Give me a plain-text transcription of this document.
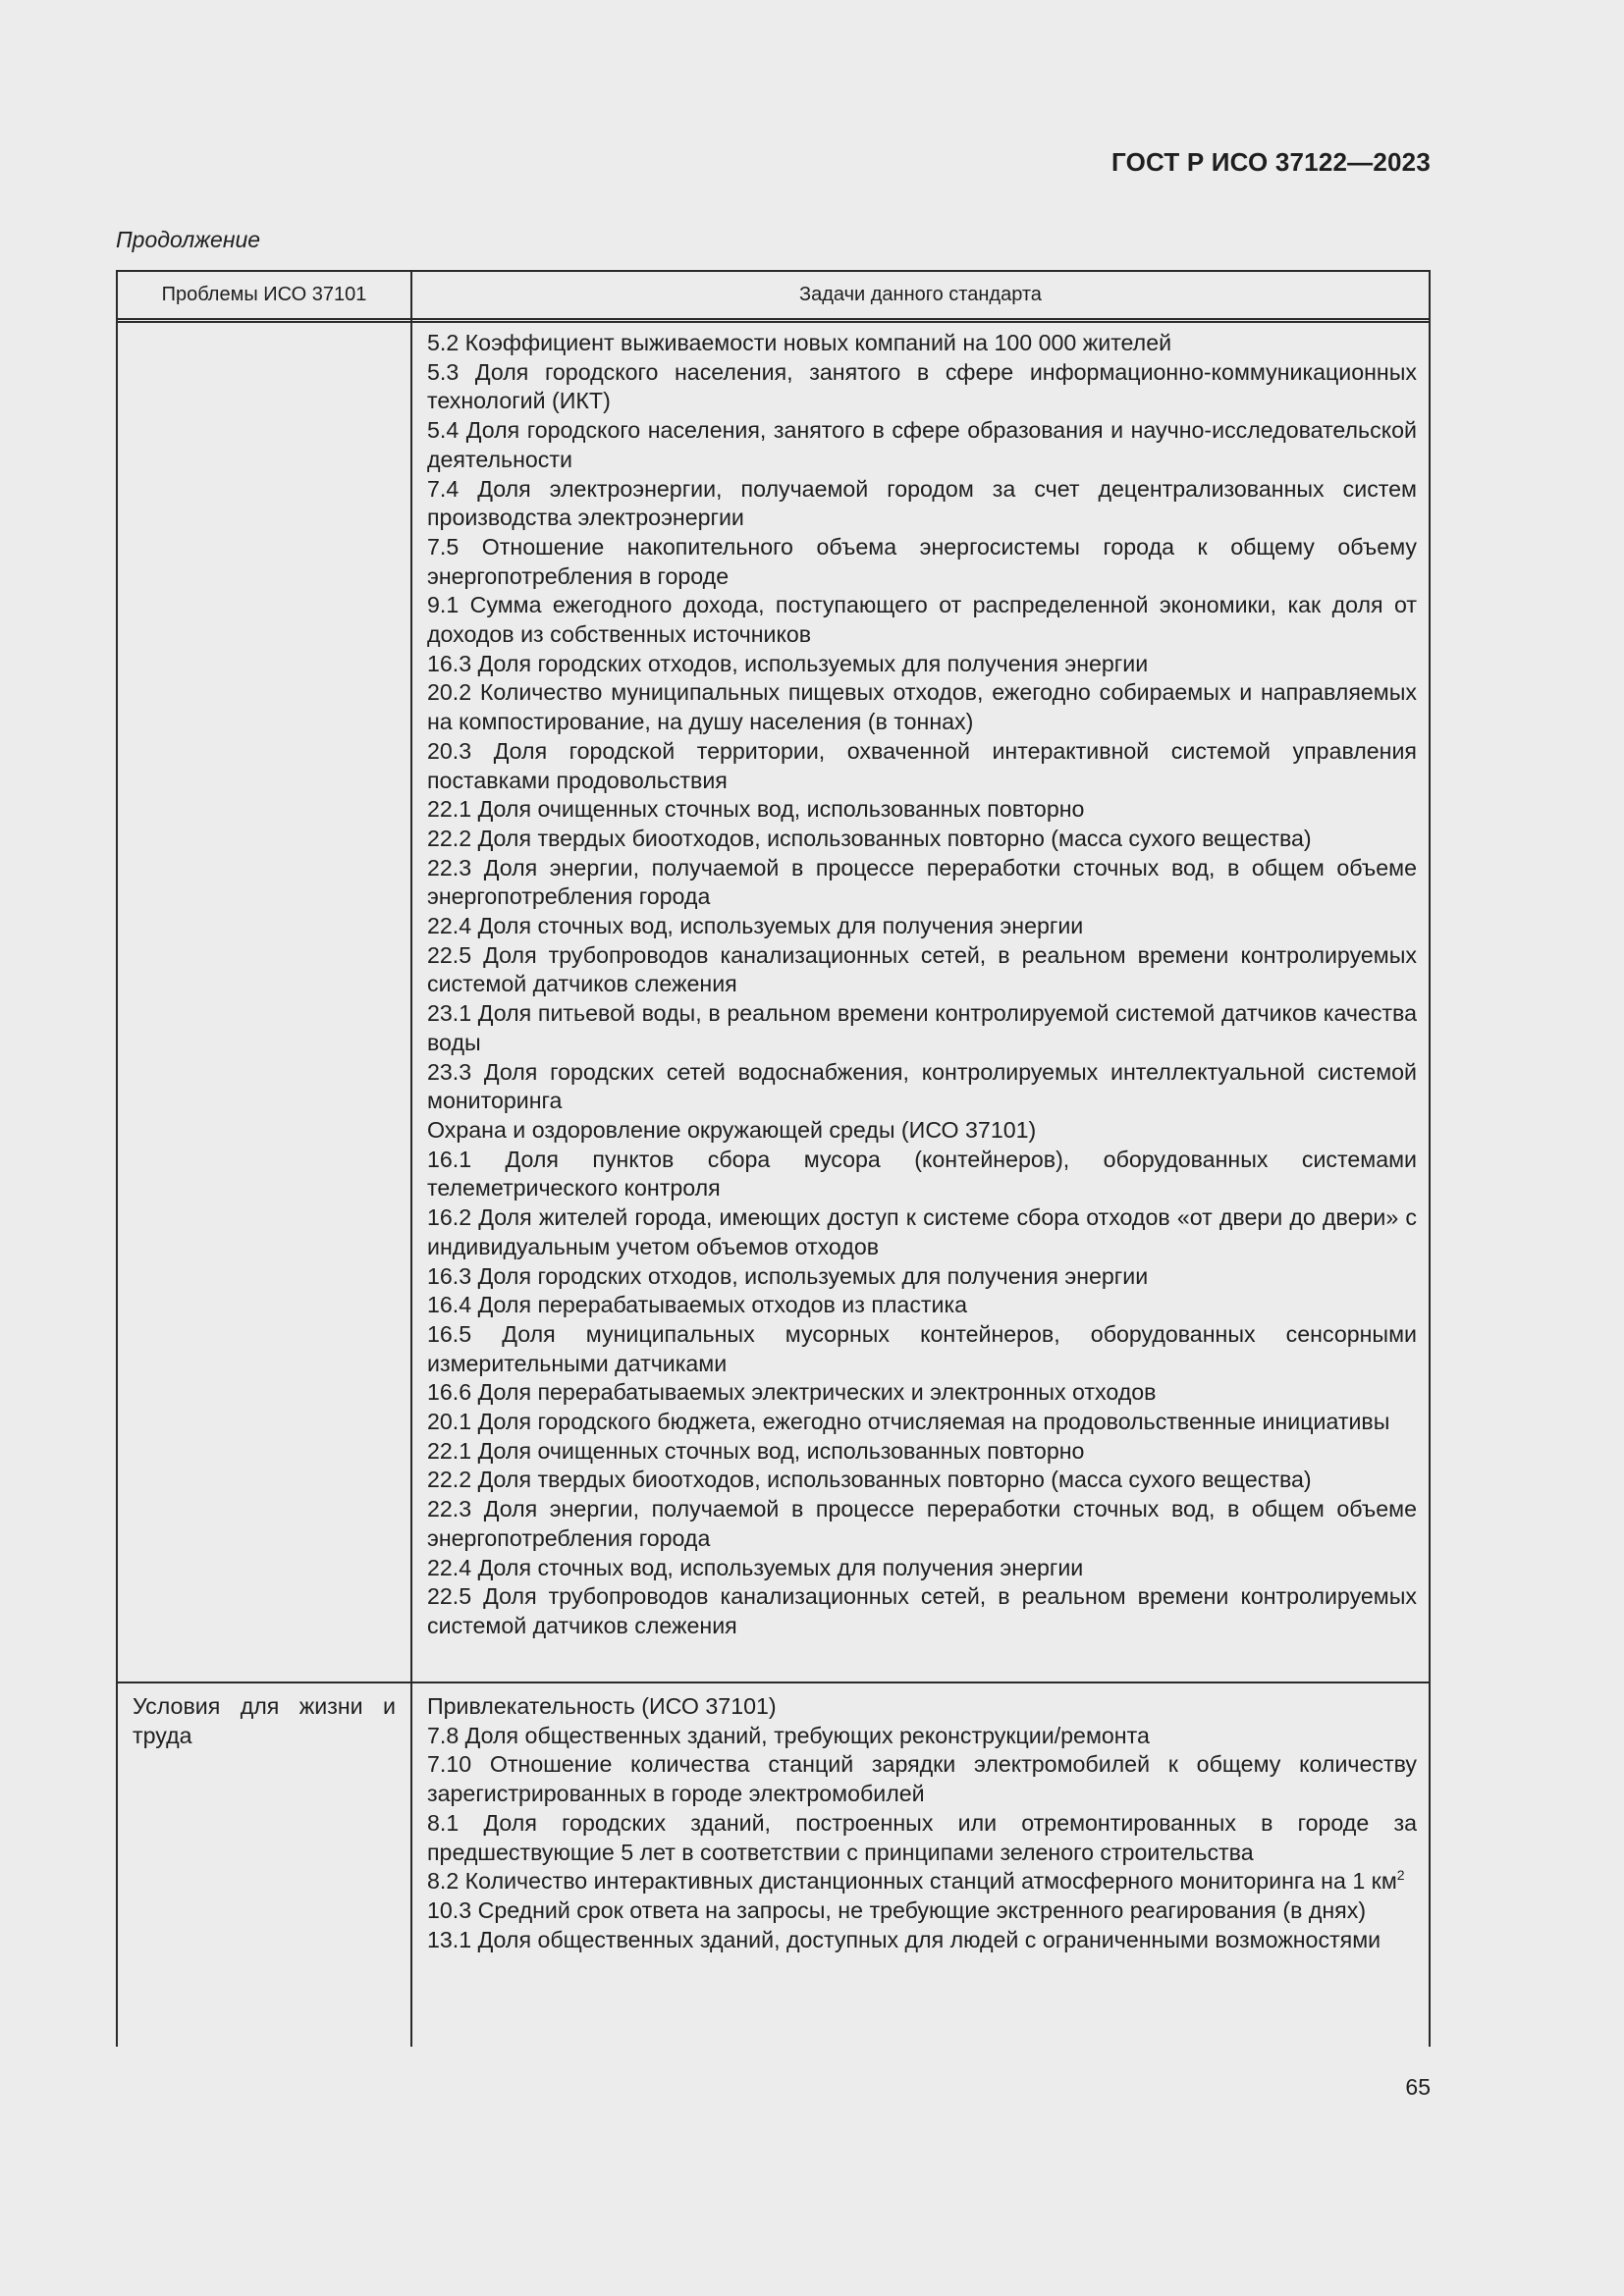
ГОСТ Р ИСО 37122—2023
Продолжение
Проблемы ИСО 37101	Задачи данного стандарта
5.2 Коэффициент выживаемости новых компаний на 100 000 жителей
5.3 Доля городского населения, занятого в сфере информационно-коммуникационных технологий (ИКТ)
5.4 Доля городского населения, занятого в сфере образования и научно-исследовательской деятельности
7.4 Доля электроэнергии, получаемой городом за счет децентрализованных систем производства электроэнергии
7.5 Отношение накопительного объема энергосистемы города к общему объему энергопотребления в городе
9.1 Сумма ежегодного дохода, поступающего от распределенной экономики, как доля от доходов из собственных источников
16.3 Доля городских отходов, используемых для получения энергии
20.2 Количество муниципальных пищевых отходов, ежегодно собираемых и направляемых на компостирование, на душу населения (в тоннах)
20.3 Доля городской территории, охваченной интерактивной системой управления поставками продовольствия
22.1 Доля очищенных сточных вод, использованных повторно
22.2 Доля твердых биоотходов, использованных повторно (масса сухого вещества)
22.3 Доля энергии, получаемой в процессе переработки сточных вод, в общем объеме энергопотребления города
22.4 Доля сточных вод, используемых для получения энергии
22.5 Доля трубопроводов канализационных сетей, в реальном времени контролируемых системой датчиков слежения
23.1 Доля питьевой воды, в реальном времени контролируемой системой датчиков качества воды
23.3 Доля городских сетей водоснабжения, контролируемых интеллектуальной системой мониторинга
Охрана и оздоровление окружающей среды (ИСО 37101)
16.1 Доля пунктов сбора мусора (контейнеров), оборудованных системами телеметрического контроля
16.2 Доля жителей города, имеющих доступ к системе сбора отходов «от двери до двери» с индивидуальным учетом объемов отходов
16.3 Доля городских отходов, используемых для получения энергии
16.4 Доля перерабатываемых отходов из пластика
16.5 Доля муниципальных мусорных контейнеров, оборудованных сенсорными измерительными датчиками
16.6 Доля перерабатываемых электрических и электронных отходов
20.1 Доля городского бюджета, ежегодно отчисляемая на продовольственные инициативы
22.1 Доля очищенных сточных вод, использованных повторно
22.2 Доля твердых биоотходов, использованных повторно (масса сухого вещества)
22.3 Доля энергии, получаемой в процессе переработки сточных вод, в общем объеме энергопотребления города
22.4 Доля сточных вод, используемых для получения энергии
22.5 Доля трубопроводов канализационных сетей, в реальном времени контролируемых системой датчиков слежения
Условия для жизни и труда
Привлекательность (ИСО 37101)
7.8 Доля общественных зданий, требующих реконструкции/ремонта
7.10 Отношение количества станций зарядки электромобилей к общему количеству зарегистрированных в городе электромобилей
8.1 Доля городских зданий, построенных или отремонтированных в городе за предшествующие 5 лет в соответствии с принципами зеленого строительства
8.2 Количество интерактивных дистанционных станций атмосферного мониторинга на 1 $км^2$
10.3 Средний срок ответа на запросы, не требующие экстренного реагирования (в днях)
13.1 Доля общественных зданий, доступных для людей с ограниченными возможностями
65
